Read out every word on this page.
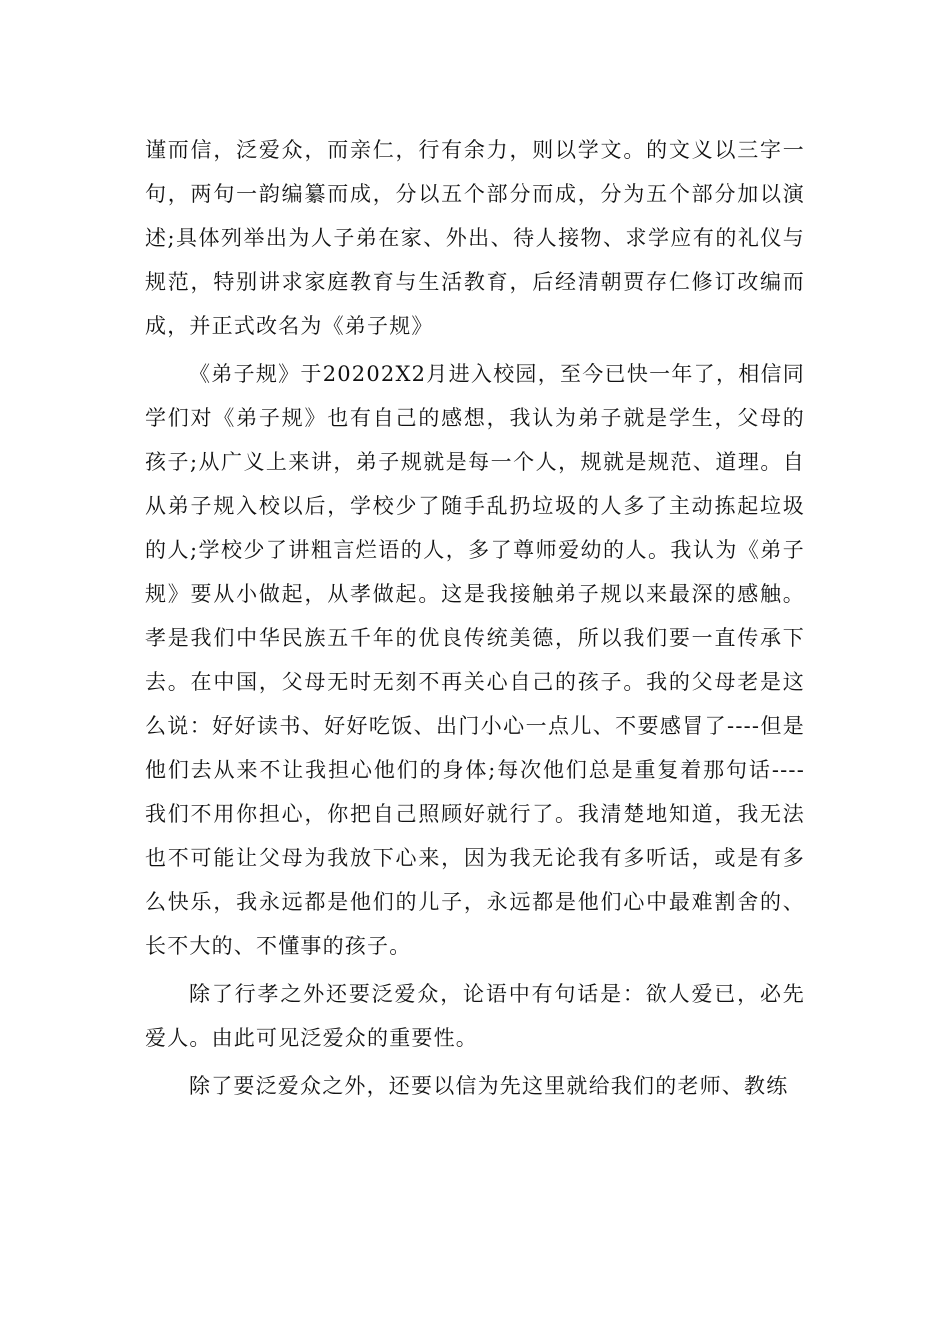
谨而信，泛爱众，而亲仁，行有余力，则以学文。的文义以三字一句，两句一韵编纂而成，分以五个部分而成，分为五个部分加以演述;具体列举出为人子弟在家、外出、待人接物、求学应有的礼仪与规范，特别讲求家庭教育与生活教育，后经清朝贾存仁修订改编而成，并正式改名为《弟子规》

《弟子规》于20202X2月进入校园，至今已快一年了，相信同学们对《弟子规》也有自己的感想，我认为弟子就是学生，父母的孩子;从广义上来讲，弟子规就是每一个人，规就是规范、道理。自从弟子规入校以后，学校少了随手乱扔垃圾的人多了主动拣起垃圾的人;学校少了讲粗言烂语的人，多了尊师爱幼的人。我认为《弟子规》要从小做起，从孝做起。这是我接触弟子规以来最深的感触。孝是我们中华民族五千年的优良传统美德，所以我们要一直传承下去。在中国，父母无时无刻不再关心自己的孩子。我的父母老是这么说：好好读书、好好吃饭、出门小心一点儿、不要感冒了----但是他们去从来不让我担心他们的身体;每次他们总是重复着那句话----我们不用你担心，你把自己照顾好就行了。我清楚地知道，我无法也不可能让父母为我放下心来，因为我无论我有多听话，或是有多么快乐，我永远都是他们的儿子，永远都是他们心中最难割舍的、长不大的、不懂事的孩子。

除了行孝之外还要泛爱众，论语中有句话是：欲人爱已，必先爱人。由此可见泛爱众的重要性。

除了要泛爱众之外，还要以信为先这里就给我们的老师、教练
